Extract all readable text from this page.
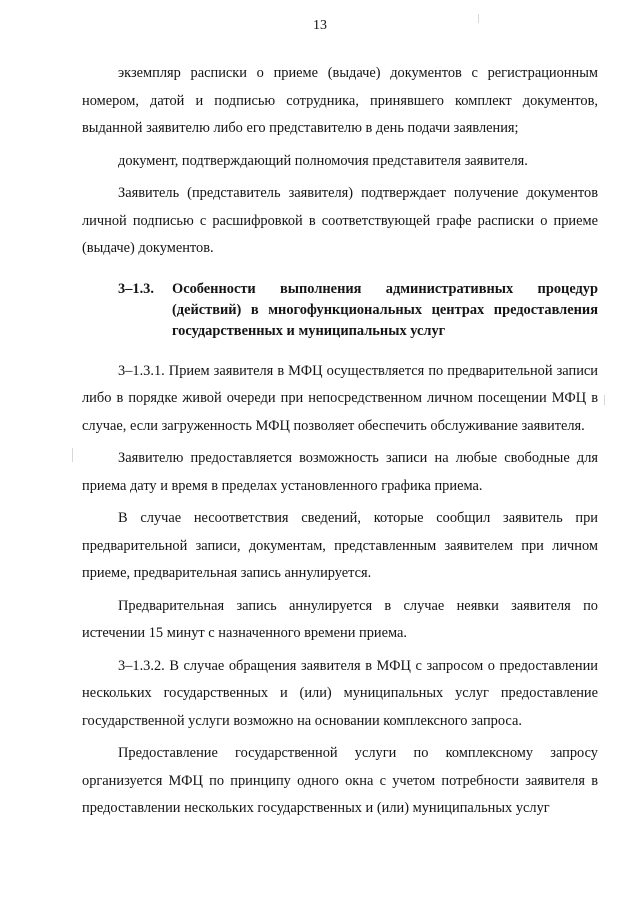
13

экземпляр расписки о приеме (выдаче) документов с регистрационным номером, датой и подписью сотрудника, принявшего комплект документов, выданной заявителю либо его представителю в день подачи заявления;

документ, подтверждающий полномочия представителя заявителя.

Заявитель (представитель заявителя) подтверждает получение документов личной подписью с расшифровкой в соответствующей графе расписки о приеме (выдаче) документов.

3–1.3.	Особенности выполнения административных процедур (действий) в многофункциональных центрах предоставления государственных и муниципальных услуг

3–1.3.1. Прием заявителя в МФЦ осуществляется по предварительной записи либо в порядке живой очереди при непосредственном личном посещении МФЦ в случае, если загруженность МФЦ позволяет обеспечить обслуживание заявителя.

Заявителю предоставляется возможность записи на любые свободные для приема дату и время в пределах установленного графика приема.

В случае несоответствия сведений, которые сообщил заявитель при предварительной записи, документам, представленным заявителем при личном приеме, предварительная запись аннулируется.

Предварительная запись аннулируется в случае неявки заявителя по истечении 15 минут с назначенного времени приема.

3–1.3.2. В случае обращения заявителя в МФЦ с запросом о предоставлении нескольких государственных и (или) муниципальных услуг предоставление государственной услуги возможно на основании комплексного запроса.

Предоставление государственной услуги по комплексному запросу организуется МФЦ по принципу одного окна с учетом потребности заявителя в предоставлении нескольких государственных и (или) муниципальных услуг
